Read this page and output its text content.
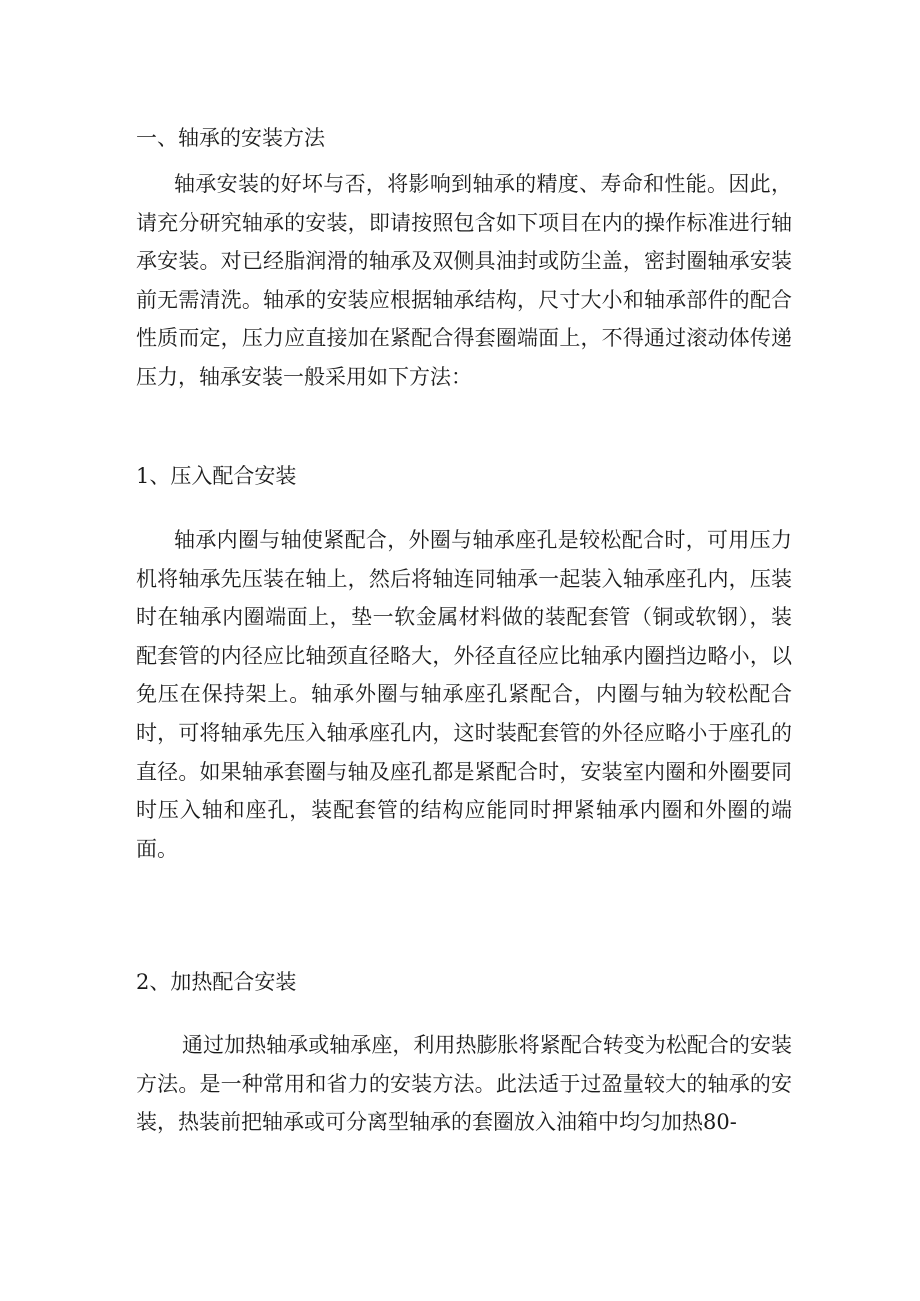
一、轴承的安装方法

轴承安装的好坏与否，将影响到轴承的精度、寿命和性能。因此，请充分研究轴承的安装，即请按照包含如下项目在内的操作标准进行轴承安装。对已经脂润滑的轴承及双侧具油封或防尘盖，密封圈轴承安装前无需清洗。轴承的安装应根据轴承结构，尺寸大小和轴承部件的配合性质而定，压力应直接加在紧配合得套圈端面上，不得通过滚动体传递压力，轴承安装一般采用如下方法：

1、压入配合安装

轴承内圈与轴使紧配合，外圈与轴承座孔是较松配合时，可用压力机将轴承先压装在轴上，然后将轴连同轴承一起装入轴承座孔内，压装时在轴承内圈端面上，垫一软金属材料做的装配套管（铜或软钢），装配套管的内径应比轴颈直径略大，外径直径应比轴承内圈挡边略小，以免压在保持架上。轴承外圈与轴承座孔紧配合，内圈与轴为较松配合时，可将轴承先压入轴承座孔内，这时装配套管的外径应略小于座孔的直径。如果轴承套圈与轴及座孔都是紧配合时，安装室内圈和外圈要同时压入轴和座孔，装配套管的结构应能同时押紧轴承内圈和外圈的端面。

2、加热配合安装

通过加热轴承或轴承座，利用热膨胀将紧配合转变为松配合的安装方法。是一种常用和省力的安装方法。此法适于过盈量较大的轴承的安装，热装前把轴承或可分离型轴承的套圈放入油箱中均匀加热80-
